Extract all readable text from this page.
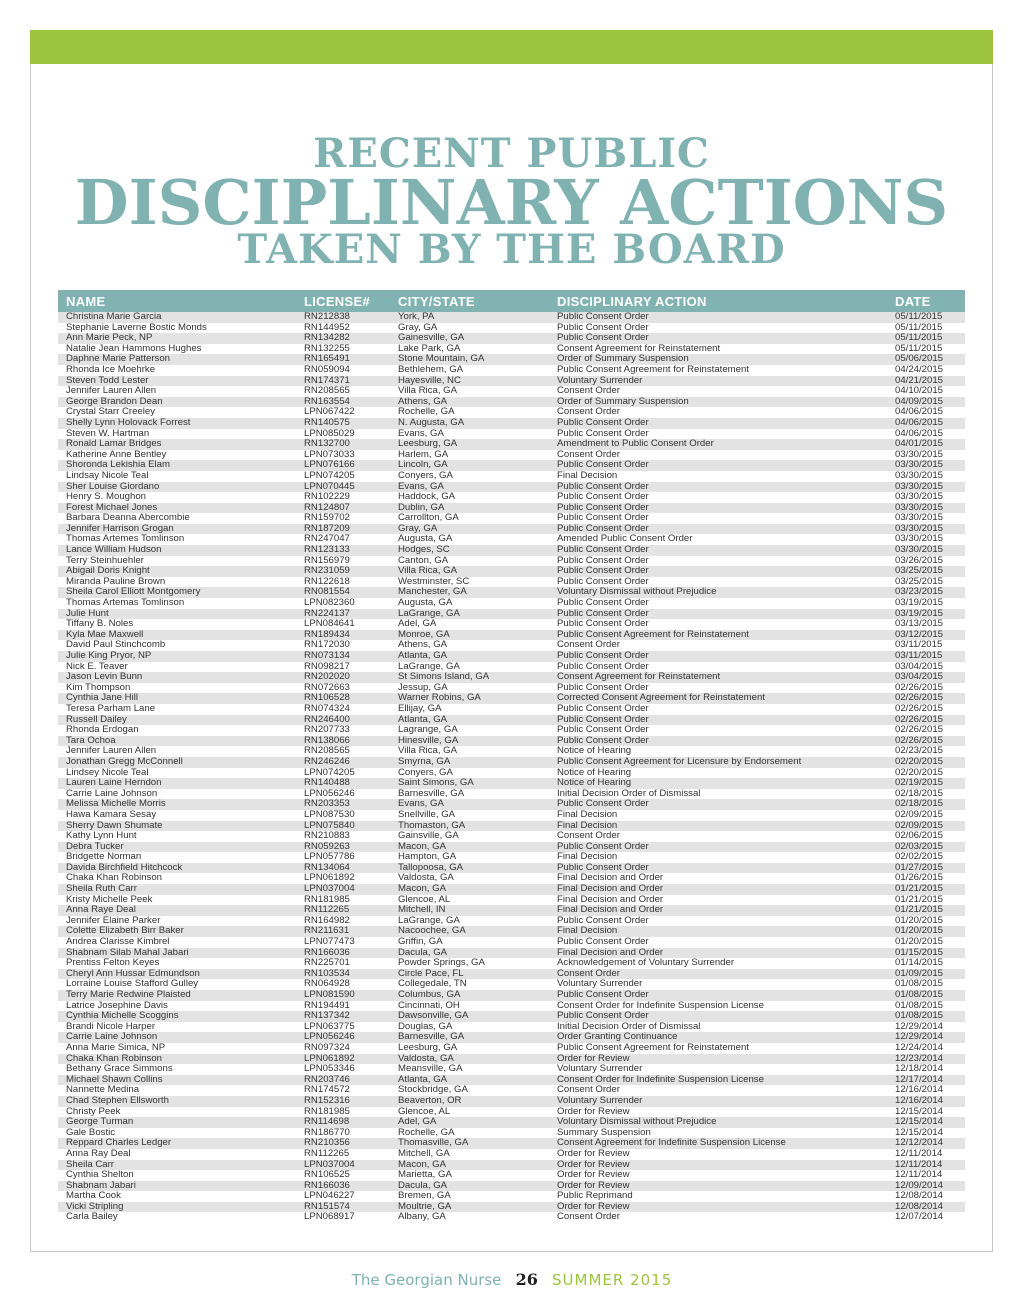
RECENT PUBLIC
DISCIPLINARY ACTIONS
TAKEN BY THE BOARD
NAME	LICENSE#	CITY/STATE	DISCIPLINARY ACTION	DATE
Christina Marie Garcia	RN212838	York, PA	Public Consent Order	05/11/2015
Stephanie Laverne Bostic Monds	RN144952	Gray, GA	Public Consent Order	05/11/2015
Ann Marie Peck, NP	RN134282	Gainesville, GA	Public Consent Order	05/11/2015
Natalie Jean Hammons Hughes	RN132255	Lake Park, GA	Consent Agreement for Reinstatement	05/11/2015
Daphne Marie Patterson	RN165491	Stone Mountain, GA	Order of Summary Suspension	05/06/2015
Rhonda Ice Moehrke	RN059094	Bethlehem, GA	Public Consent Agreement for Reinstatement	04/24/2015
Steven Todd Lester	RN174371	Hayesville, NC	Voluntary Surrender	04/21/2015
Jennifer Lauren Allen	RN208565	Villa Rica, GA	Consent Order	04/10/2015
George Brandon Dean	RN163554	Athens, GA	Order of Summary Suspension	04/09/2015
Crystal Starr Creeley	LPN067422	Rochelle, GA	Consent Order	04/06/2015
Shelly Lynn Holovack Forrest	RN140575	N. Augusta, GA	Public Consent Order	04/06/2015
Steven W. Hartman	LPN085029	Evans, GA	Public Consent Order	04/06/2015
Ronald Lamar Bridges	RN132700	Leesburg, GA	Amendment to Public Consent Order	04/01/2015
Katherine Anne Bentley	LPN073033	Harlem, GA	Consent Order	03/30/2015
Shoronda Lekishia Elam	LPN076166	Lincoln, GA	Public Consent Order	03/30/2015
Lindsay Nicole Teal	LPN074205	Conyers, GA	Final Decision	03/30/2015
Sher Louise Giordano	LPN070445	Evans, GA	Public Consent Order	03/30/2015
Henry S. Moughon	RN102229	Haddock, GA	Public Consent Order	03/30/2015
Forest Michael Jones	RN124807	Dublin, GA	Public Consent Order	03/30/2015
Barbara Deanna Abercombie	RN159702	Carrollton, GA	Public Consent Order	03/30/2015
Jennifer Harrison Grogan	RN187209	Gray, GA	Public Consent Order	03/30/2015
Thomas Artemes Tomlinson	RN247047	Augusta, GA	Amended Public Consent Order	03/30/2015
Lance William Hudson	RN123133	Hodges, SC	Public Consent Order	03/30/2015
Terry Steinhuehler	RN156979	Canton, GA	Public Consent Order	03/26/2015
Abigail Doris Knight	RN231059	Villa Rica, GA	Public Consent Order	03/25/2015
Miranda Pauline Brown	RN122618	Westminster, SC	Public Consent Order	03/25/2015
Sheila Carol Elliott Montgomery	RN081554	Manchester, GA	Voluntary Dismissal without Prejudice	03/23/2015
Thomas Artemas Tomlinson	LPN082360	Augusta, GA	Public Consent Order	03/19/2015
Julie Hunt	RN224137	LaGrange, GA	Public Consent Order	03/19/2015
Tiffany B. Noles	LPN084641	Adel, GA	Public Consent Order	03/13/2015
Kyla Mae Maxwell	RN189434	Monroe, GA	Public Consent Agreement for Reinstatement	03/12/2015
David Paul Stinchcomb	RN172030	Athens, GA	Consent Order	03/11/2015
Julie King Pryor, NP	RN073134	Atlanta, GA	Public Consent Order	03/11/2015
Nick E. Teaver	RN098217	LaGrange, GA	Public Consent Order	03/04/2015
Jason Levin Bunn	RN202020	St Simons Island, GA	Consent Agreement for Reinstatement	03/04/2015
Kim Thompson	RN072663	Jessup, GA	Public Consent Order	02/26/2015
Cynthia Jane Hill	RN106528	Warner Robins, GA	Corrected Consent Agreement for Reinstatement	02/26/2015
Teresa Parham Lane	RN074324	Ellijay, GA	Public Consent Order	02/26/2015
Russell Dailey	RN246400	Atlanta, GA	Public Consent Order	02/26/2015
Rhonda Erdogan	RN207733	Lagrange, GA	Public Consent Order	02/26/2015
Tara Ochoa	RN138066	Hinesville, GA	Public Consent Order	02/26/2015
Jennifer Lauren Allen	RN208565	Villa Rica, GA	Notice of Hearing	02/23/2015
Jonathan Gregg McConnell	RN246246	Smyrna, GA	Public Consent Agreement for Licensure by Endorsement	02/20/2015
Lindsey Nicole Teal	LPN074205	Conyers, GA	Notice of Hearing	02/20/2015
Lauren Laine Herndon	RN140488	Saint Simons, GA	Notice of Hearing	02/19/2015
Carrie Laine Johnson	LPN056246	Barnesville, GA	Initial Decision Order of Dismissal	02/18/2015
Melissa Michelle Morris	RN203353	Evans, GA	Public Consent Order	02/18/2015
Hawa Kamara Sesay	LPN087530	Snellville, GA	Final Decision	02/09/2015
Sherry Dawn Shumate	LPN075840	Thomaston, GA	Final Decision	02/09/2015
Kathy Lynn Hunt	RN210883	Gainsville, GA	Consent Order	02/06/2015
Debra Tucker	RN059263	Macon, GA	Public Consent Order	02/03/2015
Bridgette Norman	LPN057786	Hampton, GA	Final Decision	02/02/2015
Davida Birchfield Hitchcock	RN134064	Tallopoosa, GA	Public Consent Order	01/27/2015
Chaka Khan Robinson	LPN061892	Valdosta, GA	Final Decision and Order	01/26/2015
Sheila Ruth Carr	LPN037004	Macon, GA	Final Decision and Order	01/21/2015
Kristy Michelle Peek	RN181985	Glencoe, AL	Final Decision and Order	01/21/2015
Anna Raye Deal	RN112265	Mitchell, IN	Final Decision and Order	01/21/2015
Jennifer Elaine Parker	RN164982	LaGrange, GA	Public Consent Order	01/20/2015
Colette Elizabeth Birr Baker	RN211631	Nacoochee, GA	Final Decision	01/20/2015
Andrea Clarisse Kimbrel	LPN077473	Griffin, GA	Public Consent Order	01/20/2015
Shabnam Silab Mahal Jabari	RN166036	Dacula, GA	Final Decision and Order	01/15/2015
Prentiss Felton Keyes	RN225701	Powder Springs, GA	Acknowledgement of Voluntary Surrender	01/14/2015
Cheryl Ann Hussar Edmundson	RN103534	Circle Pace, FL	Consent Order	01/09/2015
Lorraine Louise Stafford Gulley	RN064928	Collegedale, TN	Voluntary Surrender	01/08/2015
Terry Marie Redwine Plaisted	LPN081590	Columbus, GA	Public Consent Order	01/08/2015
Latrice Josephine Davis	RN194491	Cincinnati, OH	Consent Order for Indefinite Suspension License	01/08/2015
Cynthia Michelle Scoggins	RN137342	Dawsonville, GA	Public Consent Order	01/08/2015
Brandi Nicole Harper	LPN063775	Douglas, GA	Initial Decision Order of Dismissal	12/29/2014
Carrie Laine Johnson	LPN056246	Barnesville, GA	Order Granting Continuance	12/29/2014
Anna Marie Simica, NP	RN097324	Leesburg, GA	Public Consent Agreement for Reinstatement	12/24/2014
Chaka Khan Robinson	LPN061892	Valdosta, GA	Order for Review	12/23/2014
Bethany Grace Simmons	LPN053346	Meansville, GA	Voluntary Surrender	12/18/2014
Michael Shawn Collins	RN203746	Atlanta, GA	Consent Order for Indefinite Suspension License	12/17/2014
Nannette Medina	RN174572	Stockbridge, GA	Consent Order	12/16/2014
Chad Stephen Ellsworth	RN152316	Beaverton, OR	Voluntary Surrender	12/16/2014
Christy Peek	RN181985	Glencoe, AL	Order for Review	12/15/2014
George Turman	RN114698	Adel, GA	Voluntary Dismissal without Prejudice	12/15/2014
Gale Bostic	RN186770	Rochelle, GA	Summary Suspension	12/15/2014
Reppard Charles Ledger	RN210356	Thomasville, GA	Consent Agreement for Indefinite Suspension License	12/12/2014
Anna Ray Deal	RN112265	Mitchell, GA	Order for Review	12/11/2014
Sheila Carr	LPN037004	Macon, GA	Order for Review	12/11/2014
Cynthia Shelton	RN106525	Marietta, GA	Order for Review	12/11/2014
Shabnam Jabari	RN166036	Dacula, GA	Order for Review	12/09/2014
Martha Cook	LPN046227	Bremen, GA	Public Reprimand	12/08/2014
Vicki Stripling	RN151574	Moultrie, GA	Order for Review	12/08/2014
Carla Bailey	LPN068917	Albany, GA	Consent Order	12/07/2014
The Georgian Nurse 26 SUMMER 2015
